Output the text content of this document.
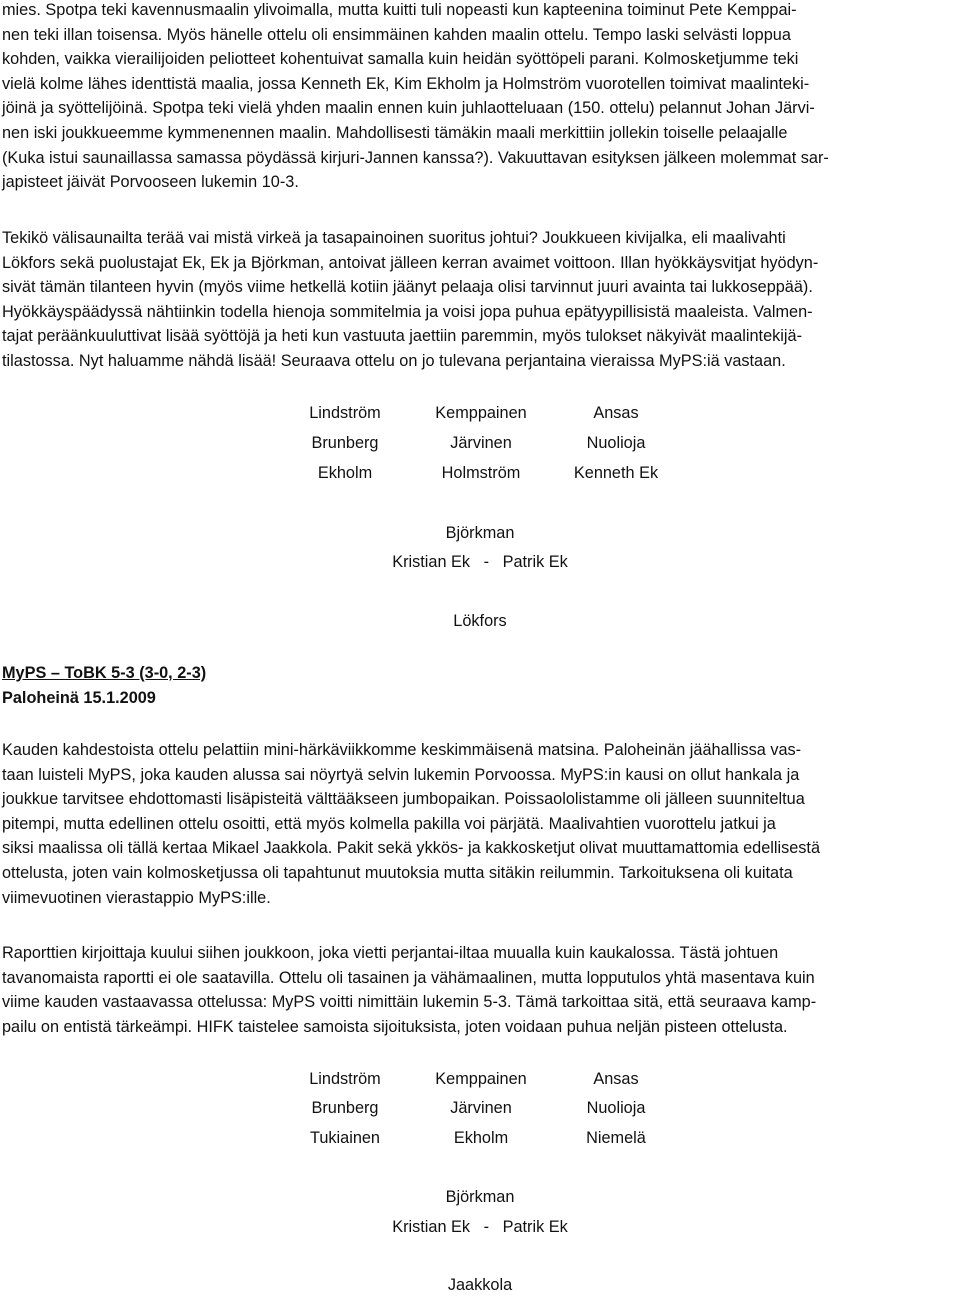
mies. Spotpa teki kavennusmaalin ylivoimalla, mutta kuitti tuli nopeasti kun kapteenina toiminut Pete Kemppai-
nen teki illan toisensa. Myös hänelle ottelu oli ensimmäinen kahden maalin ottelu. Tempo laski selvästi loppua
kohden, vaikka vierailijoiden peliotteet kohentuivat samalla kuin heidän syöttöpeli parani. Kolmosketjumme teki
vielä kolme lähes identtistä maalia, jossa Kenneth Ek, Kim Ekholm ja Holmström vuorotellen toimivat maalinteki-
jöinä ja syöttelijöinä. Spotpa teki vielä yhden maalin ennen kuin juhlaotteluaan (150. ottelu) pelannut Johan Järvi-
nen iski joukkueemme kymmenennen maalin. Mahdollisesti tämäkin maali merkittiin jollekin toiselle pelaajalle
(Kuka istui saunaillassa samassa pöydässä kirjuri-Jannen kanssa?). Vakuuttavan esityksen jälkeen molemmat sar-
japisteet jäivät Porvooseen lukemin 10-3.

Tekikö välisaunailta terää vai mistä virkeä ja tasapainoinen suoritus johtui? Joukkueen kivijalka, eli maalivahti
Lökfors sekä puolustajat Ek, Ek ja Björkman, antoivat jälleen kerran avaimet voittoon. Illan hyökkäysvitjat hyödyn-
sivät tämän tilanteen hyvin (myös viime hetkellä kotiin jäänyt pelaaja olisi tarvinnut juuri avainta tai lukkoseppää).
Hyökkäyspäädyssä nähtiinkin todella hienoja sommitelmia ja voisi jopa puhua epätyypillisistä maaleista. Valmen-
tajat peräänkuuluttivat lisää syöttöjä ja heti kun vastuuta jaettiin paremmin, myös tulokset näkyivät maalintekijä-
tilastossa. Nyt haluamme nähdä lisää! Seuraava ottelu on jo tulevana perjantaina vieraissa MyPS:iä vastaan.

Lindström	Kemppainen	Ansas
Brunberg	Järvinen	Nuolioja
Ekholm	Holmström	Kenneth Ek
Björkman
Kristian Ek   -   Patrik Ek
Lökfors
MyPS – ToBK 5-3 (3-0, 2-3)
Paloheinä 15.1.2009

Kauden kahdestoista ottelu pelattiin mini-härkäviikkomme keskimmäisenä matsina. Paloheinän jäähallissa vas-
taan luisteli MyPS, joka kauden alussa sai nöyrtyä selvin lukemin Porvoossa. MyPS:in kausi on ollut hankala ja
joukkue tarvitsee ehdottomasti lisäpisteitä välttääkseen jumbopaikan. Poissaololistamme oli jälleen suunniteltua
pitempi, mutta edellinen ottelu osoitti, että myös kolmella pakilla voi pärjätä. Maalivahtien vuorottelu jatkui ja
siksi maalissa oli tällä kertaa Mikael Jaakkola. Pakit sekä ykkös- ja kakkosketjut olivat muuttamattomia edellisestä
ottelusta, joten vain kolmosketjussa oli tapahtunut muutoksia mutta sitäkin reilummin. Tarkoituksena oli kuitata
viimevuotinen vierastappio MyPS:ille.

Raporttien kirjoittaja kuului siihen joukkoon, joka vietti perjantai-iltaa muualla kuin kaukalossa. Tästä johtuen
tavanomaista raportti ei ole saatavilla. Ottelu oli tasainen ja vähämaalinen, mutta lopputulos yhtä masentava kuin
viime kauden vastaavassa ottelussa: MyPS voitti nimittäin lukemin 5-3. Tämä tarkoittaa sitä, että seuraava kamp-
pailu on entistä tärkeämpi. HIFK taistelee samoista sijoituksista, joten voidaan puhua neljän pisteen ottelusta.

Lindström	Kemppainen	Ansas
Brunberg	Järvinen	Nuolioja
Tukiainen	Ekholm	Niemelä
Björkman
Kristian Ek   -   Patrik Ek
Jaakkola
